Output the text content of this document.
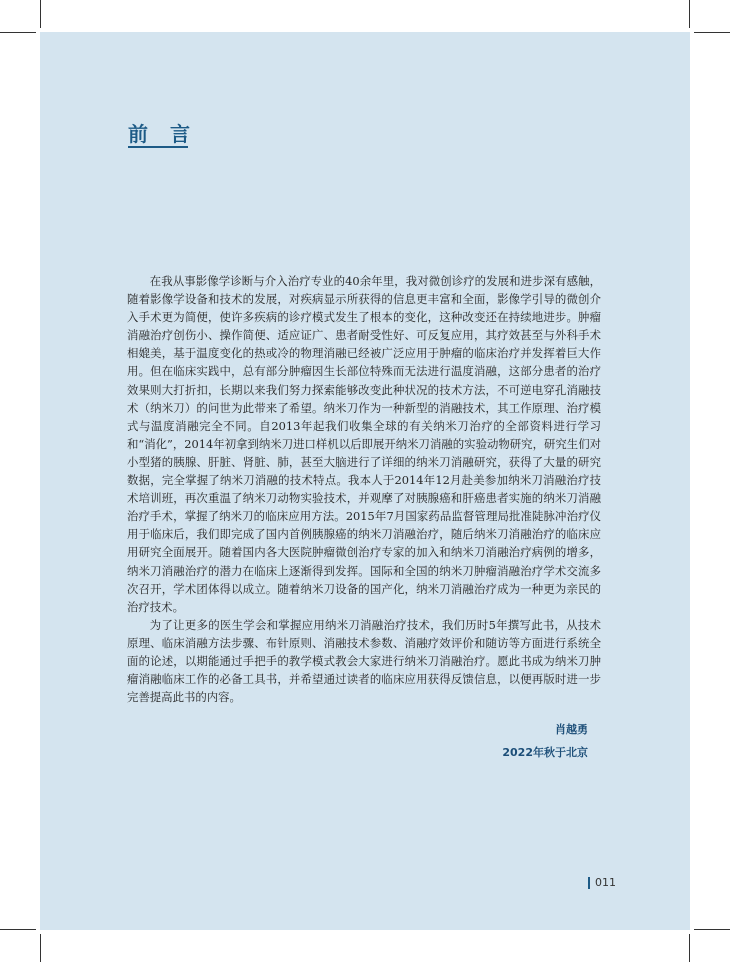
前言

在我从事影像学诊断与介入治疗专业的40余年里，我对微创诊疗的发展和进步深有感触，随着影像学设备和技术的发展，对疾病显示所获得的信息更丰富和全面，影像学引导的微创介入手术更为简便，使许多疾病的诊疗模式发生了根本的变化，这种改变还在持续地进步。肿瘤消融治疗创伤小、操作简便、适应证广、患者耐受性好、可反复应用，其疗效甚至与外科手术相媲美，基于温度变化的热或冷的物理消融已经被广泛应用于肿瘤的临床治疗并发挥着巨大作用。但在临床实践中，总有部分肿瘤因生长部位特殊而无法进行温度消融，这部分患者的治疗效果则大打折扣，长期以来我们努力探索能够改变此种状况的技术方法，不可逆电穿孔消融技术（纳米刀）的问世为此带来了希望。纳米刀作为一种新型的消融技术，其工作原理、治疗模式与温度消融完全不同。自2013年起我们收集全球的有关纳米刀治疗的全部资料进行学习和“消化”，2014年初拿到纳米刀进口样机以后即展开纳米刀消融的实验动物研究，研究生们对小型猪的胰腺、肝脏、肾脏、肺，甚至大脑进行了详细的纳米刀消融研究，获得了大量的研究数据，完全掌握了纳米刀消融的技术特点。我本人于2014年12月赴美参加纳米刀消融治疗技术培训班，再次重温了纳米刀动物实验技术，并观摩了对胰腺癌和肝癌患者实施的纳米刀消融治疗手术，掌握了纳米刀的临床应用方法。2015年7月国家药品监督管理局批准陡脉冲治疗仪用于临床后，我们即完成了国内首例胰腺癌的纳米刀消融治疗，随后纳米刀消融治疗的临床应用研究全面展开。随着国内各大医院肿瘤微创治疗专家的加入和纳米刀消融治疗病例的增多，纳米刀消融治疗的潜力在临床上逐渐得到发挥。国际和全国的纳米刀肿瘤消融治疗学术交流多次召开，学术团体得以成立。随着纳米刀设备的国产化，纳米刀消融治疗成为一种更为亲民的治疗技术。

为了让更多的医生学会和掌握应用纳米刀消融治疗技术，我们历时5年撰写此书，从技术原理、临床消融方法步骤、布针原则、消融技术参数、消融疗效评价和随访等方面进行系统全面的论述，以期能通过手把手的教学模式教会大家进行纳米刀消融治疗。愿此书成为纳米刀肿瘤消融临床工作的必备工具书，并希望通过读者的临床应用获得反馈信息，以便再版时进一步完善提高此书的内容。

肖越勇
2022年秋于北京
011
